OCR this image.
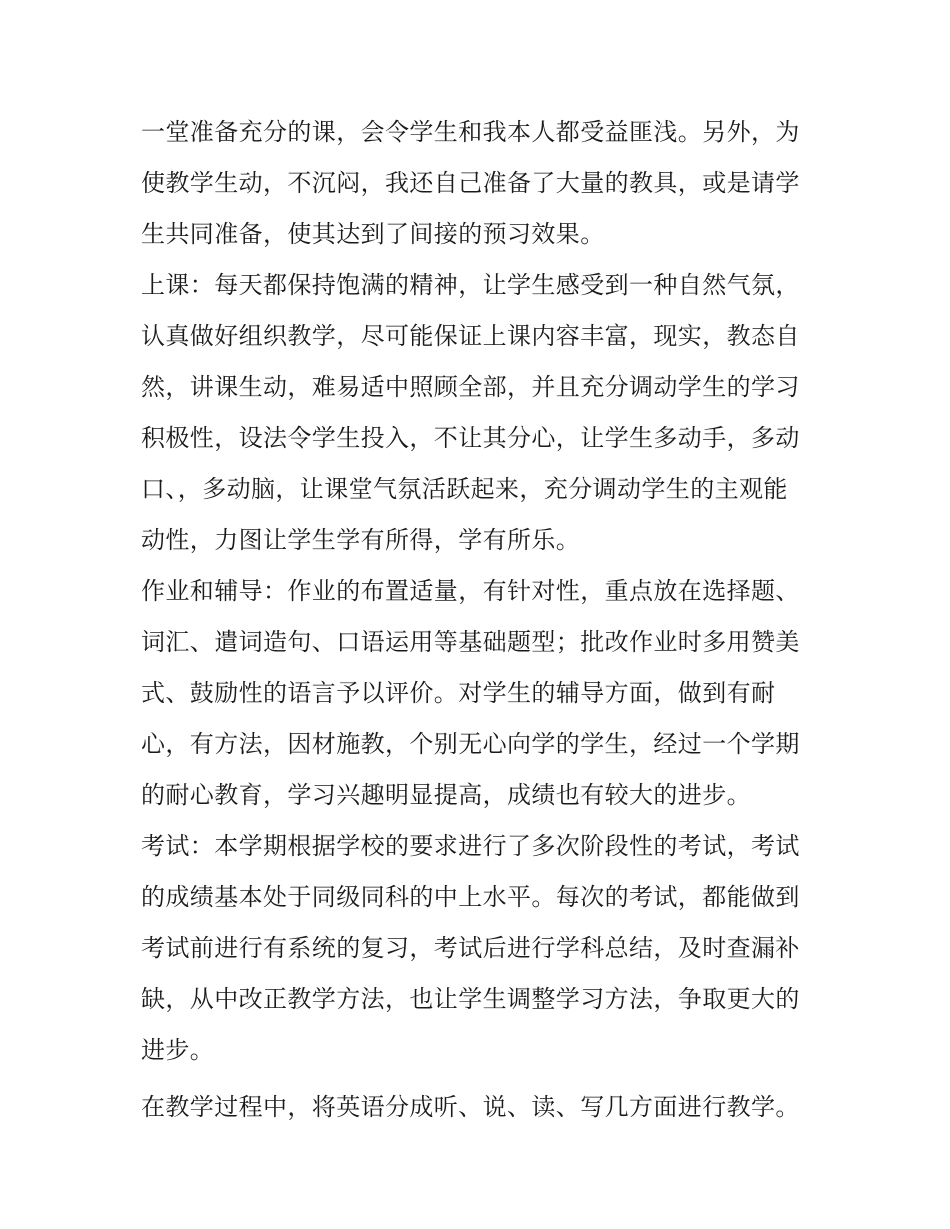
一堂准备充分的课，会令学生和我本人都受益匪浅。另外，为
使教学生动，不沉闷，我还自己准备了大量的教具，或是请学
生共同准备，使其达到了间接的预习效果。
上课：每天都保持饱满的精神，让学生感受到一种自然气氛，
认真做好组织教学，尽可能保证上课内容丰富，现实，教态自
然，讲课生动，难易适中照顾全部，并且充分调动学生的学习
积极性，设法令学生投入，不让其分心，让学生多动手，多动
口、，多动脑，让课堂气氛活跃起来，充分调动学生的主观能
动性，力图让学生学有所得，学有所乐。
作业和辅导：作业的布置适量，有针对性，重点放在选择题、
词汇、遣词造句、口语运用等基础题型；批改作业时多用赞美
式、鼓励性的语言予以评价。对学生的辅导方面，做到有耐
心，有方法，因材施教，个别无心向学的学生，经过一个学期
的耐心教育，学习兴趣明显提高，成绩也有较大的进步。
考试：本学期根据学校的要求进行了多次阶段性的考试，考试
的成绩基本处于同级同科的中上水平。每次的考试，都能做到
考试前进行有系统的复习，考试后进行学科总结，及时查漏补
缺，从中改正教学方法，也让学生调整学习方法，争取更大的
进步。
在教学过程中，将英语分成听、说、读、写几方面进行教学。
